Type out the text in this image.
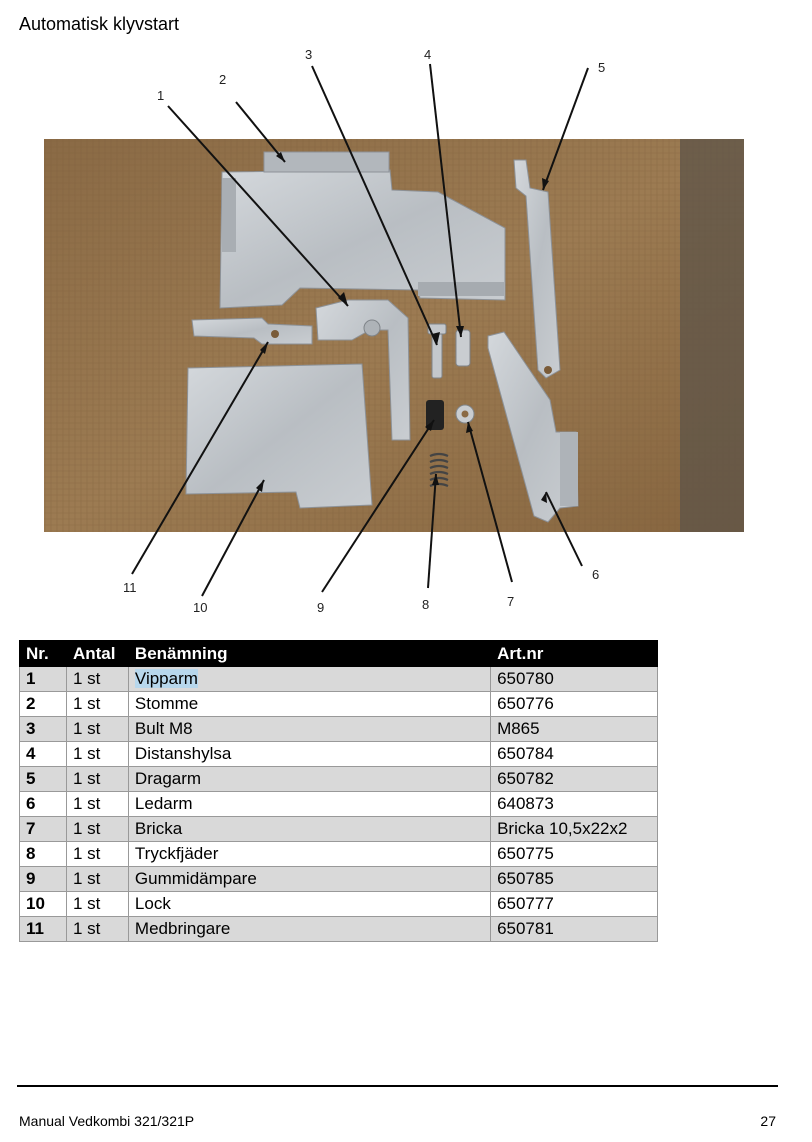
Automatisk klyvstart
1
2
3	4
5
6
7
8
9
10
11
Nr.	Antal	Benämning	Art.nr
1	1 st	Vipparm	650780
2	1 st	Stomme	650776
3	1 st	Bult M8	M865
4	1 st	Distanshylsa	650784
5	1 st	Dragarm	650782
6	1 st	Ledarm	640873
7	1 st	Bricka	Bricka 10,5x22x2
8	1 st	Tryckfjäder	650775
9	1 st	Gummidämpare	650785
10	1 st	Lock	650777
11	1 st	Medbringare	650781
Manual Vedkombi 321/321P	27
